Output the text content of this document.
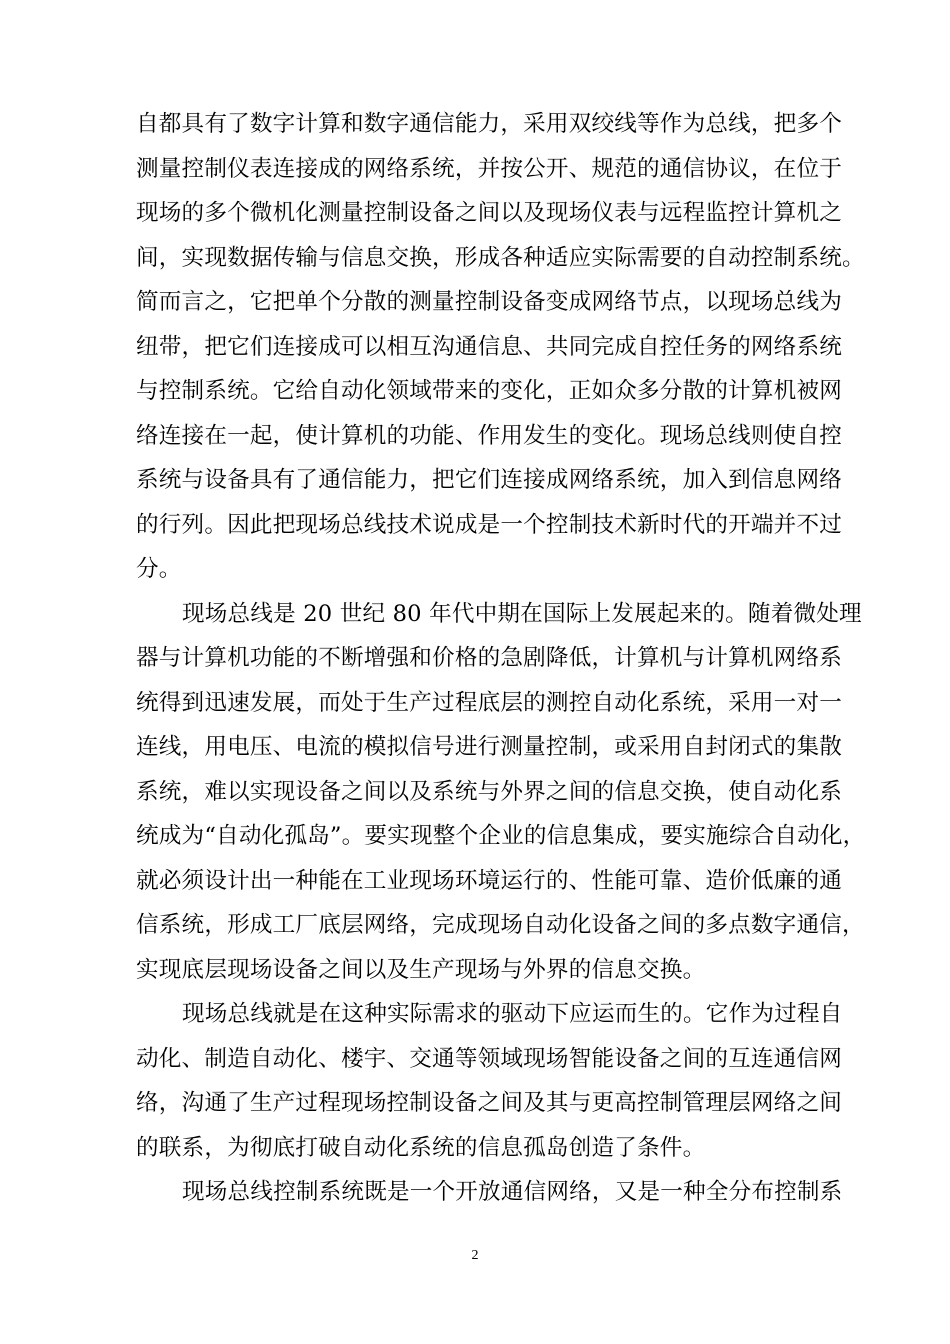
自都具有了数字计算和数字通信能力，采用双绞线等作为总线，把多个
测量控制仪表连接成的网络系统，并按公开、规范的通信协议，在位于
现场的多个微机化测量控制设备之间以及现场仪表与远程监控计算机之
间，实现数据传输与信息交换，形成各种适应实际需要的自动控制系统。
简而言之，它把单个分散的测量控制设备变成网络节点，以现场总线为
纽带，把它们连接成可以相互沟通信息、共同完成自控任务的网络系统
与控制系统。它给自动化领域带来的变化，正如众多分散的计算机被网
络连接在一起，使计算机的功能、作用发生的变化。现场总线则使自控
系统与设备具有了通信能力，把它们连接成网络系统，加入到信息网络
的行列。因此把现场总线技术说成是一个控制技术新时代的开端并不过
分。
现场总线是 20 世纪 80 年代中期在国际上发展起来的。随着微处理
器与计算机功能的不断增强和价格的急剧降低，计算机与计算机网络系
统得到迅速发展，而处于生产过程底层的测控自动化系统，采用一对一
连线，用电压、电流的模拟信号进行测量控制，或采用自封闭式的集散
系统，难以实现设备之间以及系统与外界之间的信息交换，使自动化系
统成为“自动化孤岛”。要实现整个企业的信息集成，要实施综合自动化，
就必须设计出一种能在工业现场环境运行的、性能可靠、造价低廉的通
信系统，形成工厂底层网络，完成现场自动化设备之间的多点数字通信，
实现底层现场设备之间以及生产现场与外界的信息交换。
现场总线就是在这种实际需求的驱动下应运而生的。它作为过程自
动化、制造自动化、楼宇、交通等领域现场智能设备之间的互连通信网
络，沟通了生产过程现场控制设备之间及其与更高控制管理层网络之间
的联系，为彻底打破自动化系统的信息孤岛创造了条件。
现场总线控制系统既是一个开放通信网络，又是一种全分布控制系
2
